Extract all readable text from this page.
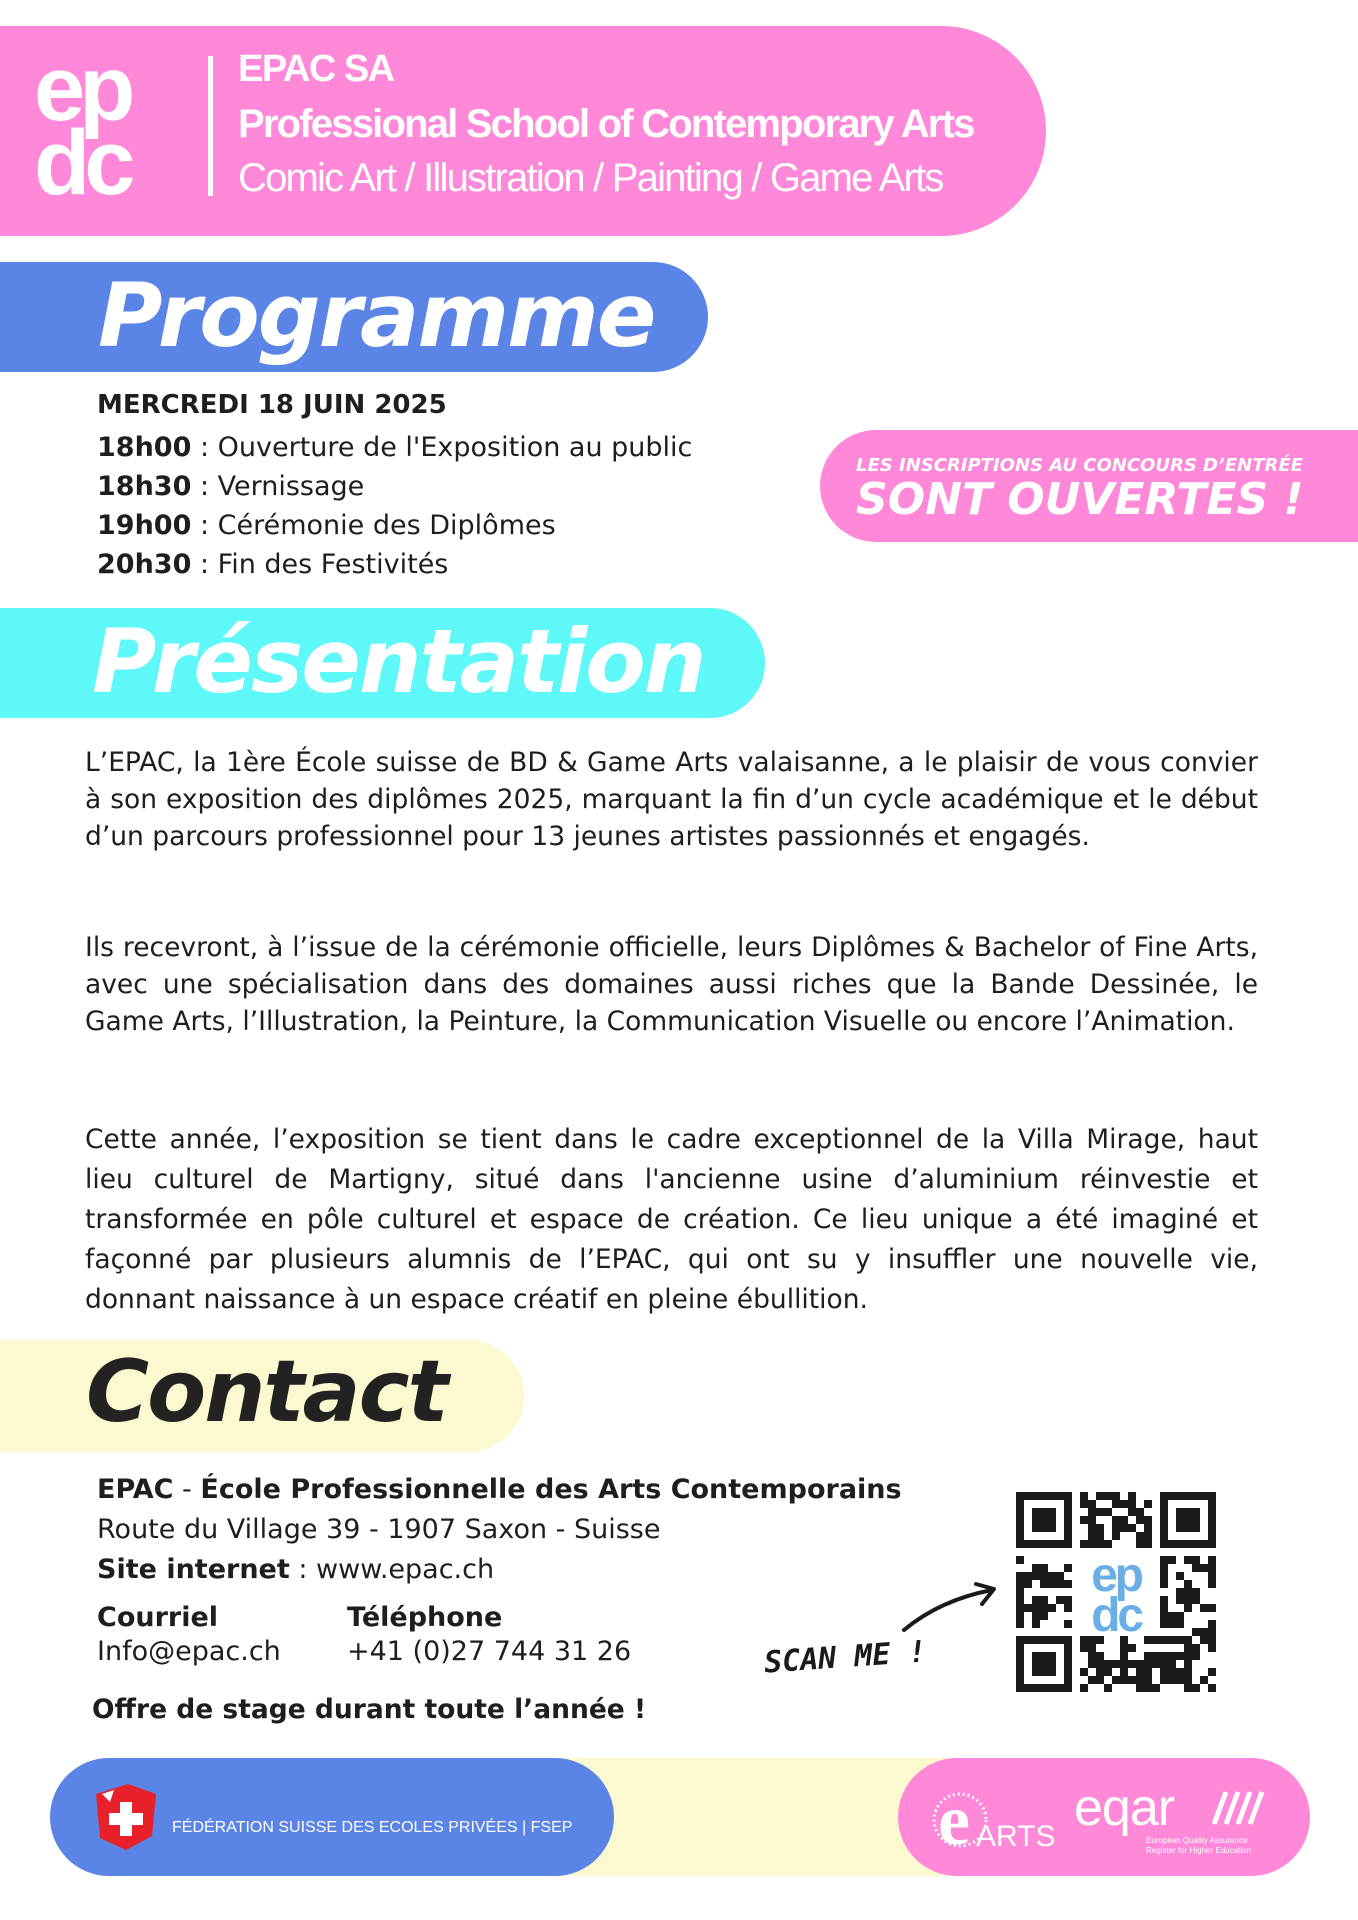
ep
dc
EPAC SA
Professional School of Contemporary Arts
Comic Art / Illustration / Painting / Game Arts
Programme
MERCREDI 18 JUIN 2025
18h00 : Ouverture de l'Exposition au public
18h30 : Vernissage
19h00 : Cérémonie des Diplômes
20h30 : Fin des Festivités
LES INSCRIPTIONS AU CONCOURS D’ENTRÉE
SONT OUVERTES !
Présentation

L’EPAC, la 1ère École suisse de BD & Game Arts valaisanne, a le plaisir de vous convier à son exposition des diplômes 2025, marquant la fin d’un cycle académique et le début d’un parcours professionnel pour 13 jeunes artistes passionnés et engagés.

Ils recevront, à l’issue de la cérémonie officielle, leurs Diplômes & Bachelor of Fine Arts, avec une spécialisation dans des domaines aussi riches que la Bande Dessinée, le Game Arts, l’Illustration, la Peinture, la Communication Visuelle ou encore l’Animation.

Cette année, l’exposition se tient dans le cadre exceptionnel de la Villa Mirage, haut lieu culturel de Martigny, situé dans l'ancienne usine d’aluminium réinvestie et transformée en pôle culturel et espace de création. Ce lieu unique a été imaginé et façonné par plusieurs alumnis de l’EPAC, qui ont su y insuffler une nouvelle vie, donnant naissance à un espace créatif en pleine ébullition.

Contact
EPAC - École Professionnelle des Arts Contemporains
Route du Village 39 - 1907 Saxon - Suisse
Site internet : www.epac.ch
Courriel
Info@epac.ch
Téléphone
+41 (0)27 744 31 26
Offre de stage durant toute l’année !
SCAN ME !
ep
dc
FÉDÉRATION SUISSE DES ECOLES PRIVÉES | FSEP	e ARTS eqar
European Quality Assurance
Register for Higher Education
